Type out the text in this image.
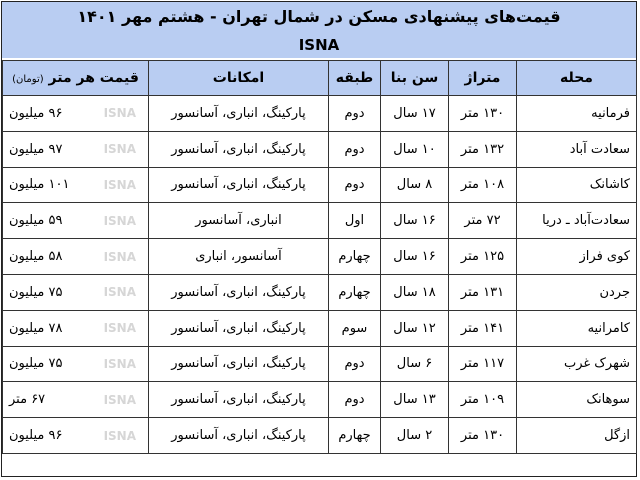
قیمت‌های پیشنهادی مسکن در شمال تهران - هشتم مهر ۱۴۰۱
ISNA
محله	متراژ	سن بنا	طبقه	امکانات	قیمت هر متر (تومان)
فرمانیه	۱۳۰ متر	۱۷ سال	دوم	پارکینگ، انباری، آسانسور	۹۶ میلیون ISNA

سعادت آباد	۱۳۲ متر	۱۰ سال	دوم	پارکینگ، انباری، آسانسور	۹۷ میلیون ISNA

کاشانک	۱۰۸ متر	۸ سال	دوم	پارکینگ، انباری، آسانسور	۱۰۱ میلیون ISNA

سعادت‌آباد ـ دریا	۷۲ متر	۱۶ سال	اول	انباری، آسانسور	۵۹ میلیون ISNA

کوی فراز	۱۲۵ متر	۱۶ سال	چهارم	آسانسور، انباری	۵۸ میلیون ISNA

جردن	۱۳۱ متر	۱۸ سال	چهارم	پارکینگ، انباری، آسانسور	۷۵ میلیون ISNA

کامرانیه	۱۴۱ متر	۱۲ سال	سوم	پارکینگ، انباری، آسانسور	۷۸ میلیون ISNA

شهرک غرب	۱۱۷ متر	۶ سال	دوم	پارکینگ، انباری، آسانسور	۷۵ میلیون ISNA

سوهانک	۱۰۹ متر	۱۳ سال	دوم	پارکینگ، انباری، آسانسور	۶۷ متر ISNA

ازگل	۱۳۰ متر	۲ سال	چهارم	پارکینگ، انباری، آسانسور	۹۶ میلیون ISNA
